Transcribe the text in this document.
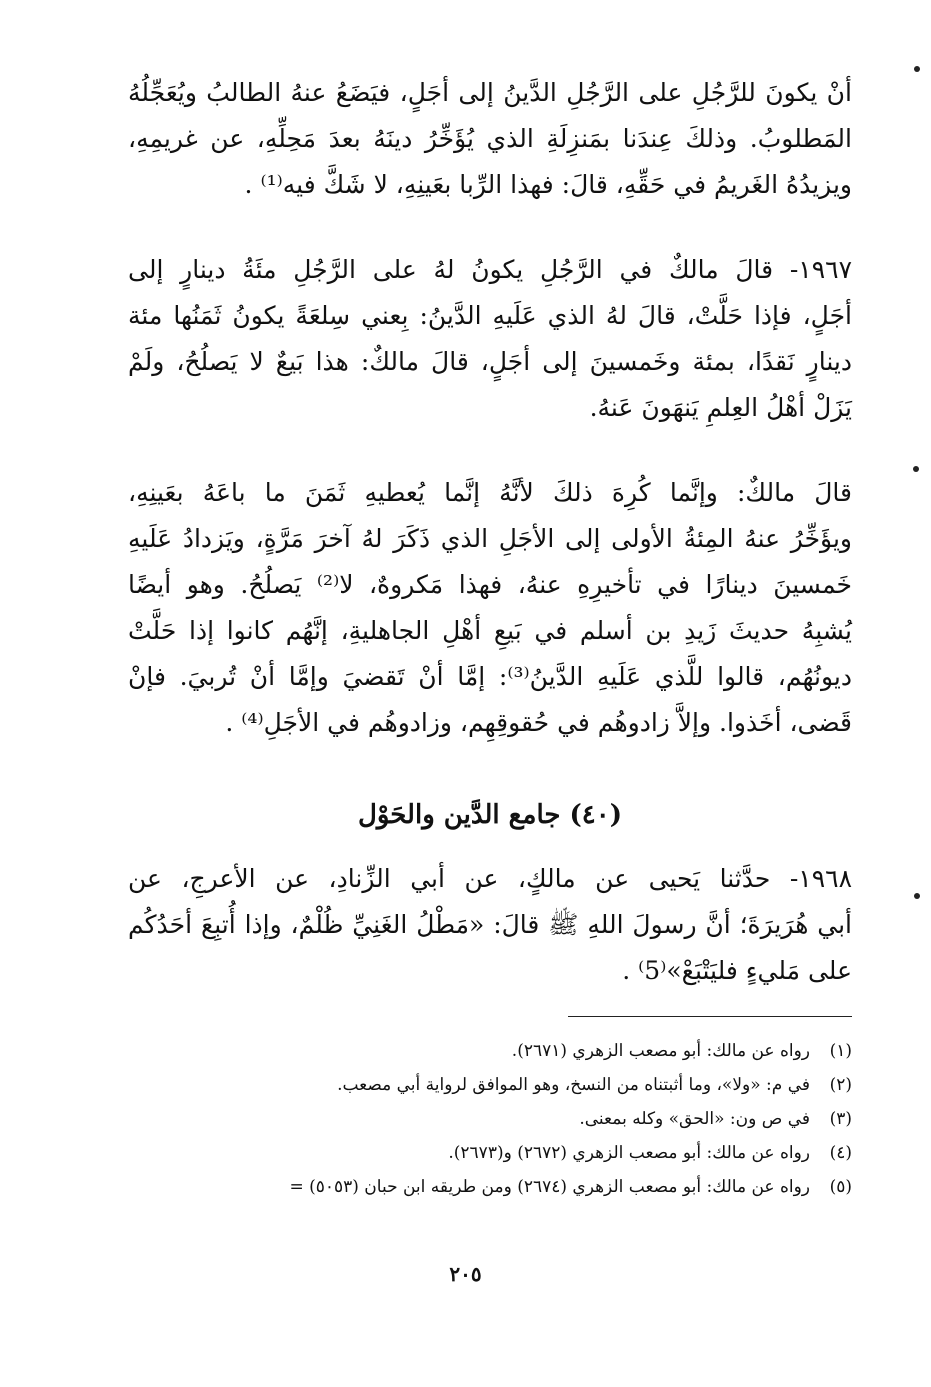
أنْ يكونَ للرَّجُلِ على الرَّجُلِ الدَّينُ إلى أجَلٍ، فيَضَعُ عنهُ الطالبُ ويُعَجِّلُهُ
المَطلوبُ. وذلكَ عِندَنا بمَنزِلَةِ الذي يُؤَخِّرُ دينَهُ بعدَ مَحِلِّهِ، عن غريمِهِ،
ويزيدُهُ الغَريمُ في حَقِّهِ، قالَ: فهذا الرِّبا بعَينِهِ، لا شَكَّ فيه⁽¹⁾ .
١٩٦٧- قالَ مالكٌ في الرَّجُلِ يكونُ لهُ على الرَّجُلِ مئَةُ دينارٍ إلى
أجَلٍ، فإذا حَلَّتْ، قالَ لهُ الذي عَلَيهِ الدَّينُ: بِعني سِلعَةً يكونُ ثَمَنُها مئة
دينارٍ نَقدًا، بمئة وخَمسينَ إلى أجَلٍ، قالَ مالكٌ: هذا بَيعٌ لا يَصلُحُ، ولَمْ
يَزَلْ أهْلُ العِلمِ يَنهَونَ عَنهُ.
قالَ مالكٌ: وإنَّما كُرِهَ ذلكَ لأنَّهُ إنَّما يُعطيهِ ثَمَنَ ما باعَهُ بعَينِهِ،
ويؤَخِّرُ عنهُ المِئةُ الأولى إلى الأجَلِ الذي ذَكَرَ لهُ آخرَ مَرَّةٍ، ويَزدادُ عَلَيهِ
خَمسينَ دينارًا في تأخيرِهِ عنهُ، فهذا مَكروهٌ، لا⁽²⁾ يَصلُحُ. وهو أيضًا
يُشبِهُ حديثَ زَيدِ بن أسلم في بَيعِ أهْلِ الجاهليةِ، إنَّهُم كانوا إذا حَلَّتْ
ديونُهُم، قالوا للَّذي عَلَيهِ الدَّينُ⁽³⁾: إمَّا أنْ تَقضيَ وإمَّا أنْ تُربيَ. فإنْ
قَضى، أخَذوا. وإلاَّ زادوهُم في حُقوقِهِم، وزادوهُم في الأجَلِ⁽⁴⁾ .
(٤٠) جامع الدَّين والحَوْل
١٩٦٨- حدَّثنا يَحيى عن مالكٍ، عن أبي الزِّنادِ، عن الأعرجِ، عن
أبي هُرَيرَةَ؛ أنَّ رسولَ اللهِ ﷺ قالَ: «مَطْلُ الغَنِيِّ ظُلْمٌ، وإذا أُتبِعَ أحَدُكُم
على مَليءٍ فليَتْبَعْ»⁽5⁾ .
(١)رواه عن مالك: أبو مصعب الزهري (٢٦٧١).
(٢)في م: «ولا»، وما أثبتناه من النسخ، وهو الموافق لرواية أبي مصعب.
(٣)في ص ون: «الحق» وكله بمعنى.
(٤)رواه عن مالك: أبو مصعب الزهري (٢٦٧٢) و(٢٦٧٣).
(٥)رواه عن مالك: أبو مصعب الزهري (٢٦٧٤) ومن طريقه ابن حبان (٥٠٥٣) =
٢٠٥
